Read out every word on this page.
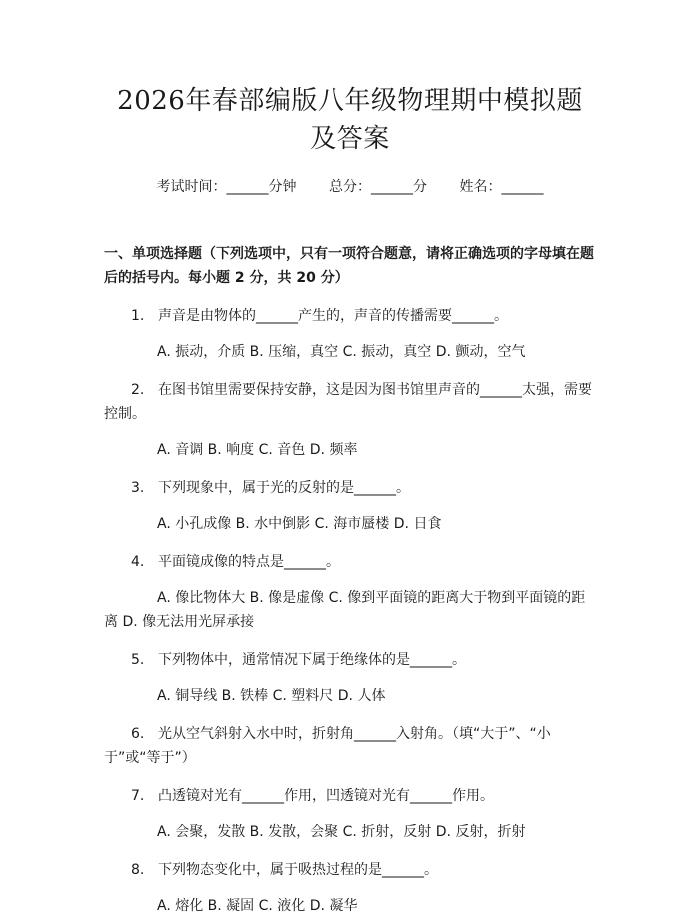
2026年春部编版八年级物理期中模拟题及答案
考试时间：______分钟 总分：______分 姓名：______
一、单项选择题（下列选项中，只有一项符合题意，请将正确选项的字母填在题后的括号内。每小题 2 分，共 20 分）
1. 声音是由物体的______产生的，声音的传播需要______。
A. 振动，介质 B. 压缩，真空 C. 振动，真空 D. 颤动，空气
2. 在图书馆里需要保持安静，这是因为图书馆里声音的______太强，需要控制。
A. 音调 B. 响度 C. 音色 D. 频率
3. 下列现象中，属于光的反射的是______。
A. 小孔成像 B. 水中倒影 C. 海市蜃楼 D. 日食
4. 平面镜成像的特点是______。
A. 像比物体大 B. 像是虚像 C. 像到平面镜的距离大于物到平面镜的距离 D. 像无法用光屏承接
5. 下列物体中，通常情况下属于绝缘体的是______。
A. 铜导线 B. 铁棒 C. 塑料尺 D. 人体
6. 光从空气斜射入水中时，折射角______入射角。（填“大于”、“小于”或“等于”）
7. 凸透镜对光有______作用，凹透镜对光有______作用。
A. 会聚，发散 B. 发散，会聚 C. 折射，反射 D. 反射，折射
8. 下列物态变化中，属于吸热过程的是______。
A. 熔化 B. 凝固 C. 液化 D. 凝华
